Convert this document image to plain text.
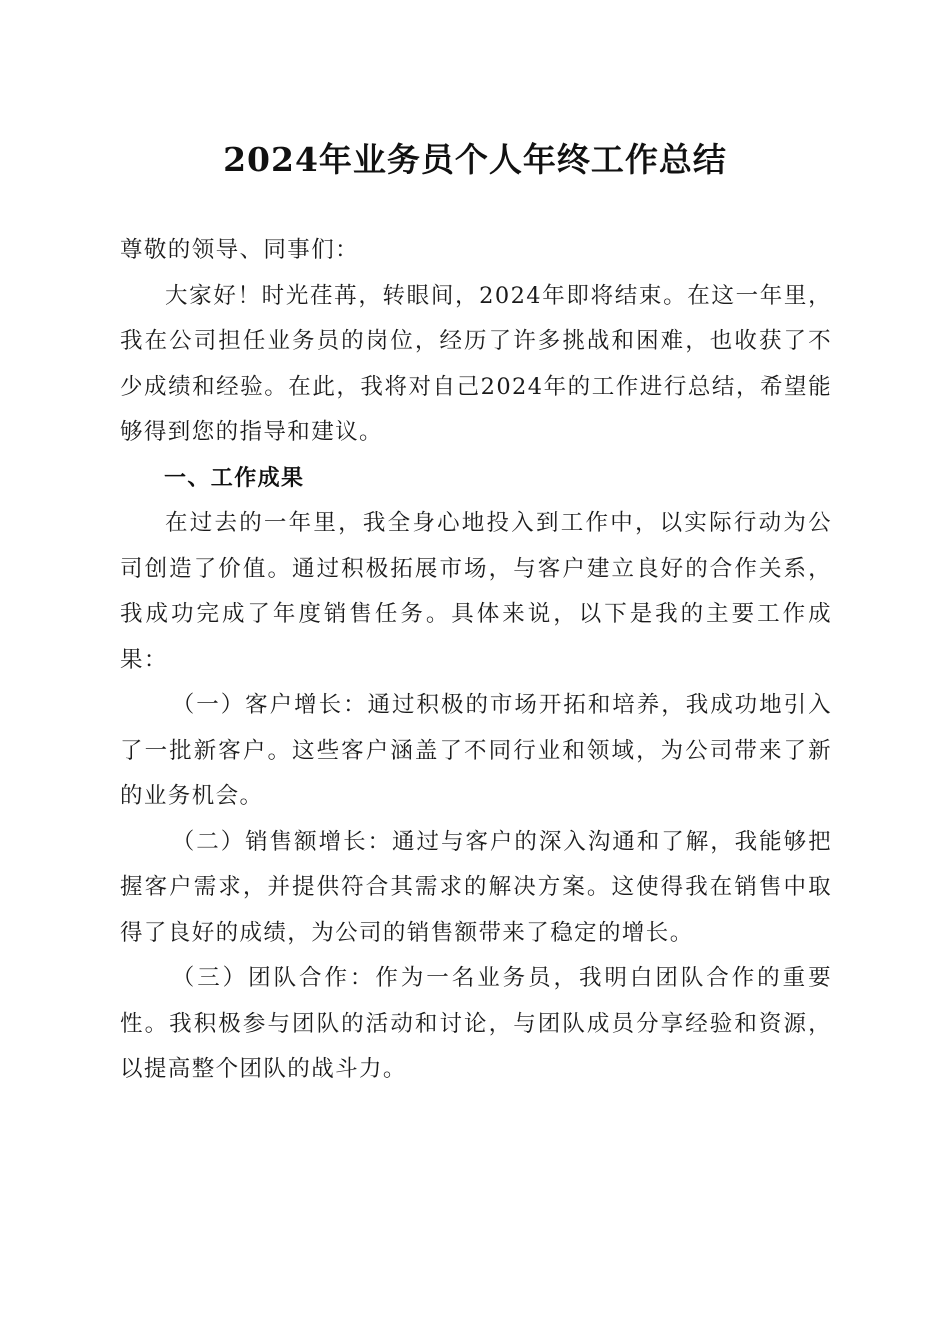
2024年业务员个人年终工作总结

尊敬的领导、同事们：

大家好！时光荏苒，转眼间，2024年即将结束。在这一年里，我在公司担任业务员的岗位，经历了许多挑战和困难，也收获了不少成绩和经验。在此，我将对自己2024年的工作进行总结，希望能够得到您的指导和建议。

一、工作成果

在过去的一年里，我全身心地投入到工作中，以实际行动为公司创造了价值。通过积极拓展市场，与客户建立良好的合作关系，我成功完成了年度销售任务。具体来说，以下是我的主要工作成果：

（一）客户增长：通过积极的市场开拓和培养，我成功地引入了一批新客户。这些客户涵盖了不同行业和领域，为公司带来了新的业务机会。

（二）销售额增长：通过与客户的深入沟通和了解，我能够把握客户需求，并提供符合其需求的解决方案。这使得我在销售中取得了良好的成绩，为公司的销售额带来了稳定的增长。

（三）团队合作：作为一名业务员，我明白团队合作的重要性。我积极参与团队的活动和讨论，与团队成员分享经验和资源，以提高整个团队的战斗力。
